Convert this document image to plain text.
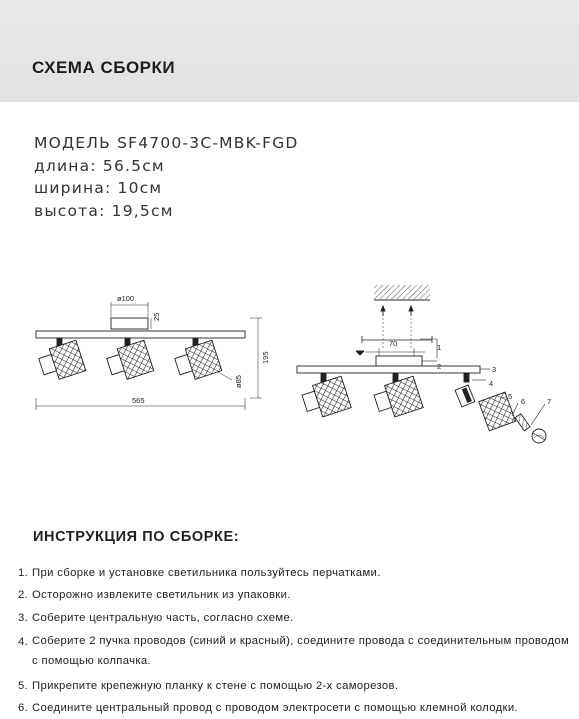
СХЕМА СБОРКИ
МОДЕЛЬ SF4700-3C-MBK-FGD
длина: 56.5см
ширина: 10см
высота: 19,5см
ø100
25
195
ø85
565
70	1
2	3
4
5
6	7
ИНСТРУКЦИЯ ПО СБОРКЕ:
1. При сборке и установке светильника пользуйтесь перчатками.
2. Осторожно извлеките светильник из упаковки.
3. Соберите центральную часть, согласно схеме.
4. Соберите 2 пучка проводов (синий и красный), соедините провода с соединительным проводом с помощью колпачка.
5. Прикрепите крепежную планку к стене с помощью 2-х саморезов.
6. Соедините центральный провод с проводом электросети с помощью клемной колодки.
